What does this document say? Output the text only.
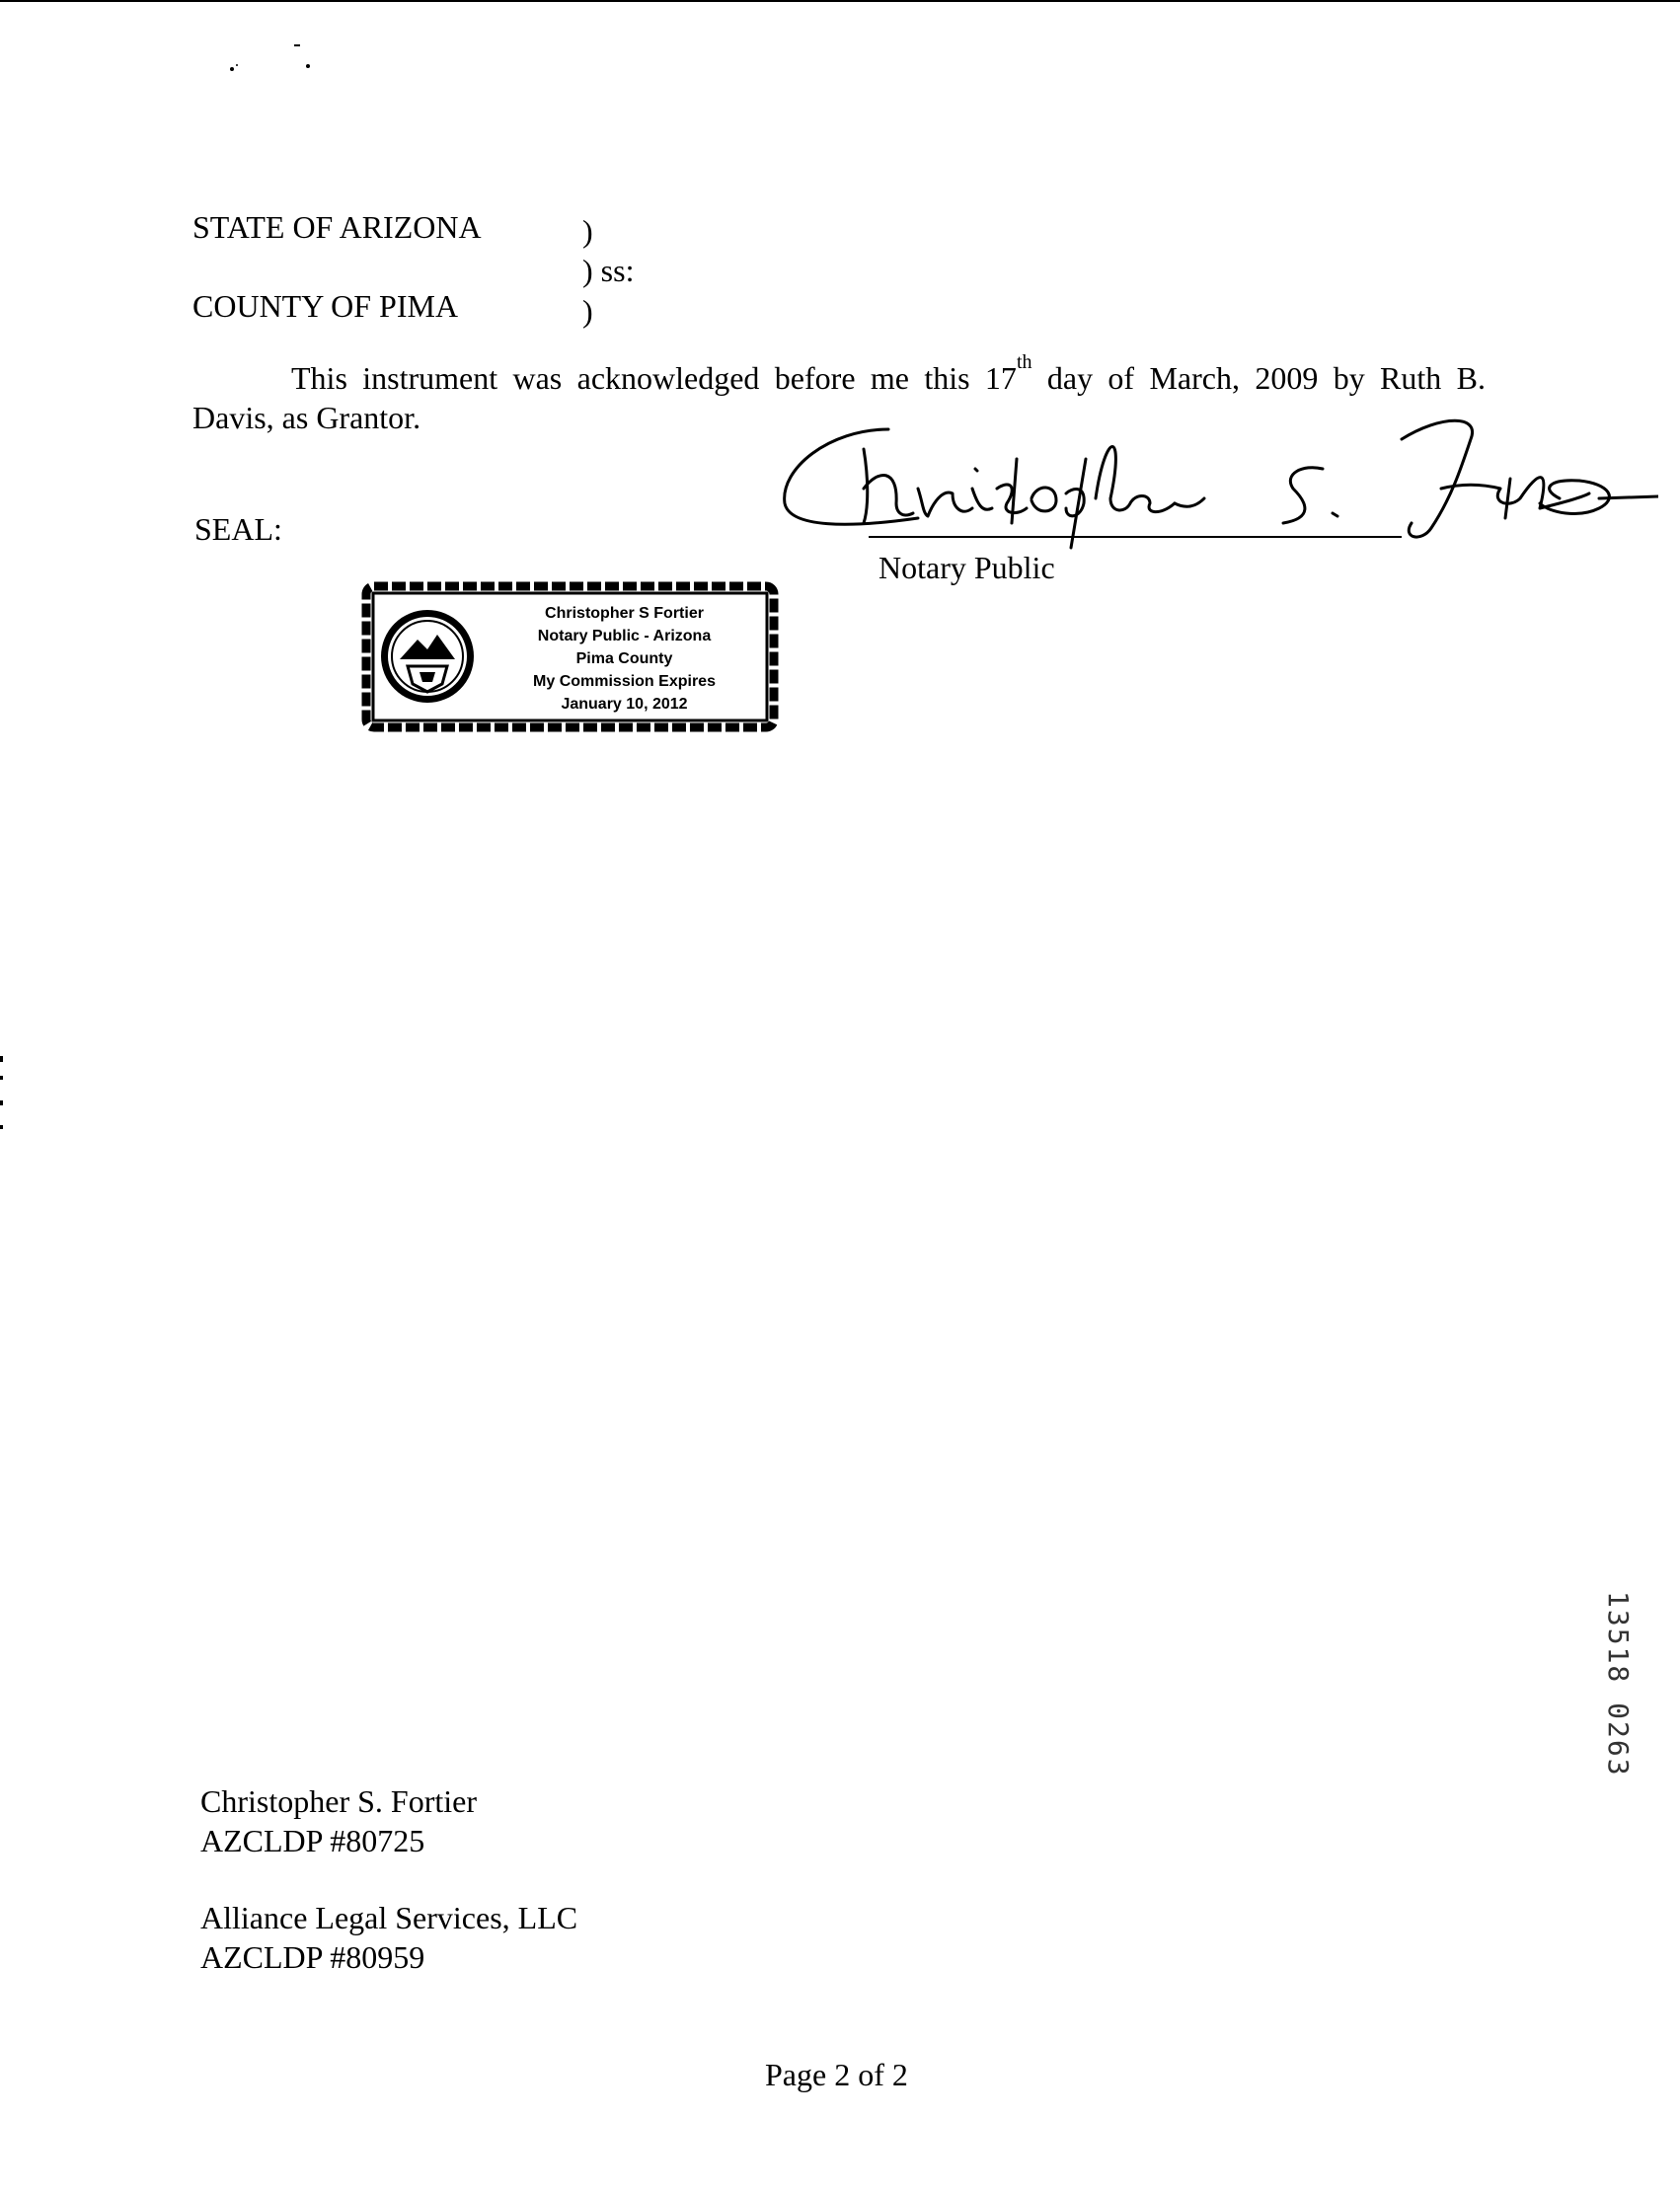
STATE OF ARIZONA	)
) ss:
COUNTY OF PIMA	)

This instrument was acknowledged before me this 17th day of March, 2009 by Ruth B.

Davis, as Grantor.

SEAL:
Notary Public
Christopher S Fortier
Notary Public - Arizona
Pima County
My Commission Expires
January 10, 2012
Christopher S. Fortier
AZCLDP #80725
Alliance Legal Services, LLC
AZCLDP #80959
Page 2 of 2
13518 0263
